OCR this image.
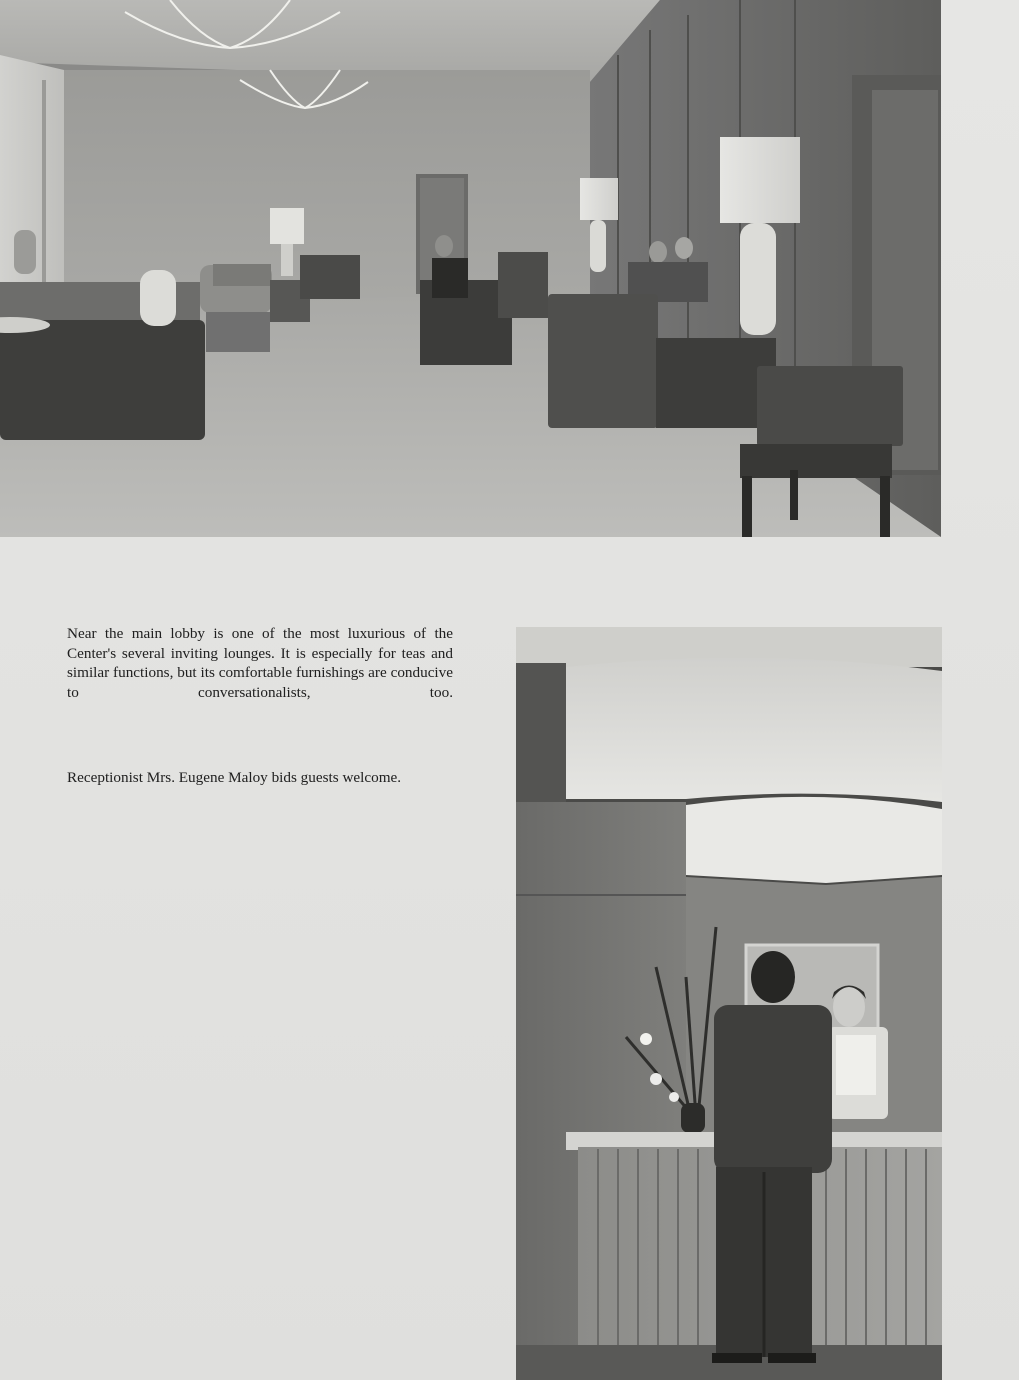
Near the main lobby is one of the most luxurious of the Center's several inviting lounges. It is especially for teas and similar functions, but its comfortable furnishings are conducive to conversationalists, too.

Receptionist Mrs. Eugene Maloy bids guests welcome.
